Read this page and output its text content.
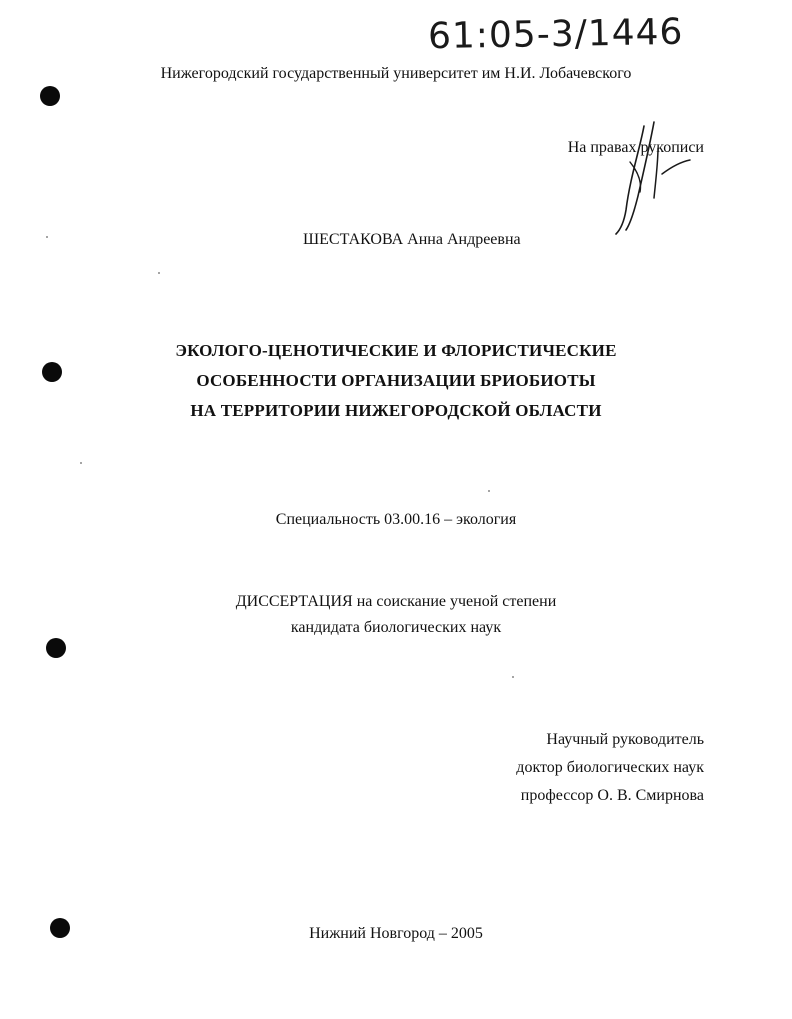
61:05-3/1446
Нижегородский государственный университет им Н.И. Лобачевского
На правах рукописи
ШЕСТАКОВА Анна Андреевна
ЭКОЛОГО-ЦЕНОТИЧЕСКИЕ И ФЛОРИСТИЧЕСКИЕ
ОСОБЕННОСТИ ОРГАНИЗАЦИИ БРИОБИОТЫ
НА ТЕРРИТОРИИ НИЖЕГОРОДСКОЙ ОБЛАСТИ
Специальность 03.00.16 – экология
ДИССЕРТАЦИЯ на соискание ученой степени
кандидата биологических наук
Научный руководитель
доктор биологических наук
профессор О. В. Смирнова
Нижний Новгород – 2005
